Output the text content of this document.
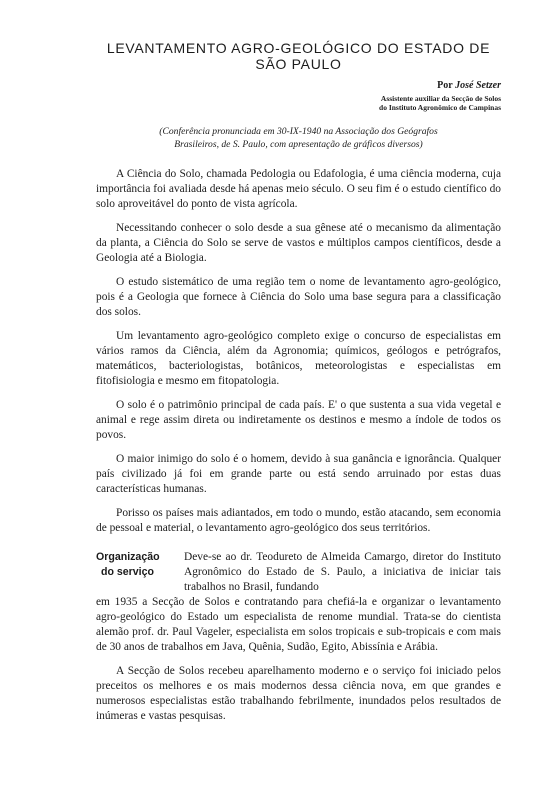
LEVANTAMENTO AGRO-GEOLÓGICO DO ESTADO DE
SÃO PAULO
Por José Setzer
Assistente auxiliar da Secção de Solos
do Instituto Agronômico de Campinas

(Conferência pronunciada em 30-IX-1940 na Associação dos Geógrafos
Brasileiros, de S. Paulo, com apresentação de gráficos diversos)

A Ciência do Solo, chamada Pedologia ou Edafologia, é uma ciência moderna, cuja importância foi avaliada desde há apenas meio século. O seu fim é o estudo científico do solo aproveitável do ponto de vista agrícola.

Necessitando conhecer o solo desde a sua gênese até o mecanismo da alimentação da planta, a Ciência do Solo se serve de vastos e múltiplos campos científicos, desde a Geologia até a Biologia.

O estudo sistemático de uma região tem o nome de levantamento agro-geológico, pois é a Geologia que fornece à Ciência do Solo uma base segura para a classificação dos solos.

Um levantamento agro-geológico completo exige o concurso de especialistas em vários ramos da Ciência, além da Agronomia; químicos, geólogos e petrógrafos, matemáticos, bacteriologistas, botânicos, meteorologistas e especialistas em fitofisiologia e mesmo em fitopatologia.

O solo é o patrimônio principal de cada país. E' o que sustenta a sua vida vegetal e animal e rege assim direta ou indiretamente os destinos e mesmo a índole de todos os povos.

O maior inimigo do solo é o homem, devido à sua ganância e ignorância. Qualquer país civilizado já foi em grande parte ou está sendo arruinado por estas duas características humanas.

Porisso os países mais adiantados, em todo o mundo, estão atacando, sem economia de pessoal e material, o levantamento agro-geológico dos seus territórios.

Organização
do serviço

Deve-se ao dr. Teodureto de Almeida Camargo, diretor do Instituto Agronômico do Estado de S. Paulo, a iniciativa de iniciar tais trabalhos no Brasil, fundando
em 1935 a Secção de Solos e contratando para chefiá-la e organizar o levantamento agro-geológico do Estado um especialista de renome mundial. Trata-se do cientista alemão prof. dr. Paul Vageler, especialista em solos tropicais e sub-tropicais e com mais de 30 anos de trabalhos em Java, Quênia, Sudão, Egito, Abissínia e Arábia.

A Secção de Solos recebeu aparelhamento moderno e o serviço foi iniciado pelos preceitos os melhores e os mais modernos dessa ciência nova, em que grandes e numerosos especialistas estão trabalhando febrilmente, inundados pelos resultados de inúmeras e vastas pesquisas.
